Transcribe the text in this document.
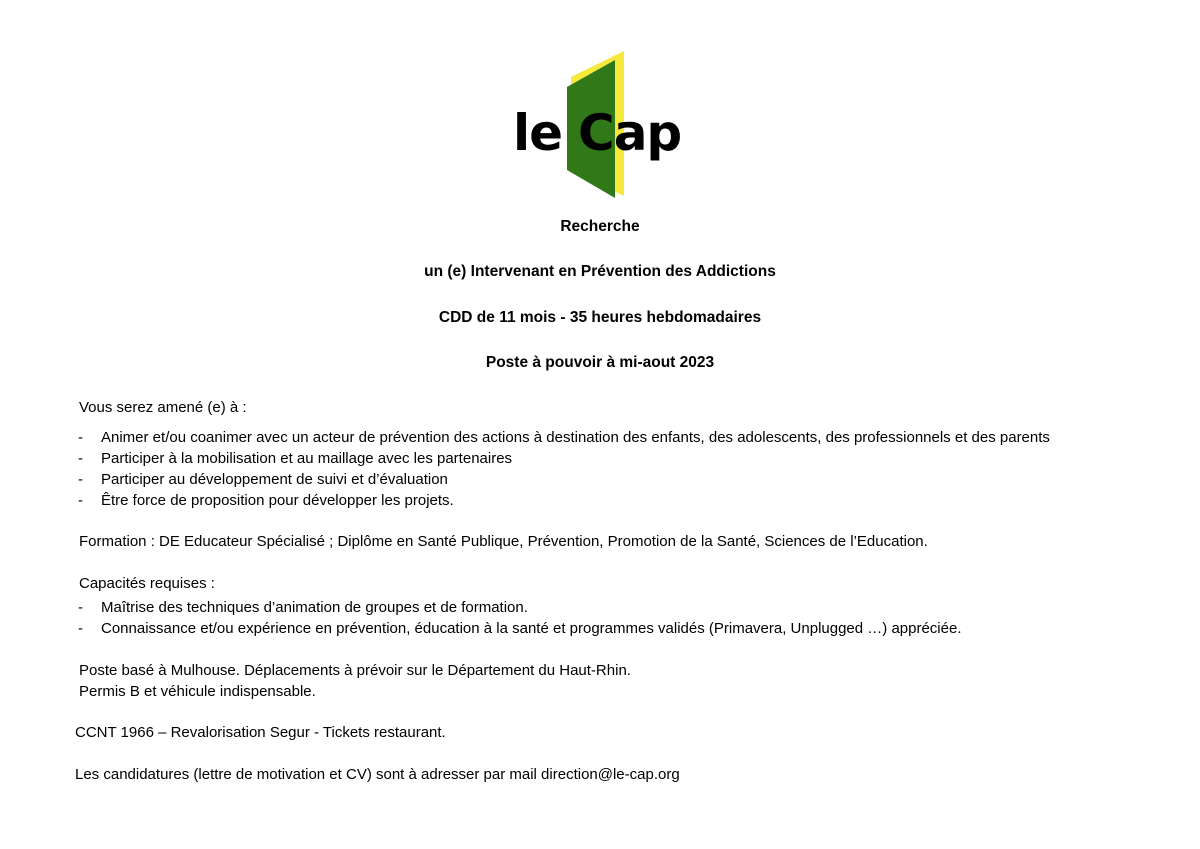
le Cap
Recherche
un (e) Intervenant en Prévention des Addictions
CDD de 11 mois - 35 heures hebdomadaires
Poste à pouvoir à mi-aout 2023
Vous serez amené (e) à :
- Animer et/ou coanimer avec un acteur de prévention des actions à destination des enfants, des adolescents, des professionnels et des parents
- Participer à la mobilisation et au maillage avec les partenaires
- Participer au développement de suivi et d’évaluation
- Être force de proposition pour développer les projets.
Formation : DE Educateur Spécialisé ; Diplôme en Santé Publique, Prévention, Promotion de la Santé, Sciences de l’Education.
Capacités requises :
- Maîtrise des techniques d’animation de groupes et de formation.
- Connaissance et/ou expérience en prévention, éducation à la santé et programmes validés (Primavera, Unplugged …) appréciée.
Poste basé à Mulhouse. Déplacements à prévoir sur le Département du Haut-Rhin.
Permis B et véhicule indispensable.
CCNT 1966 – Revalorisation Segur - Tickets restaurant.
Les candidatures (lettre de motivation et CV) sont à adresser par mail direction@le-cap.org
